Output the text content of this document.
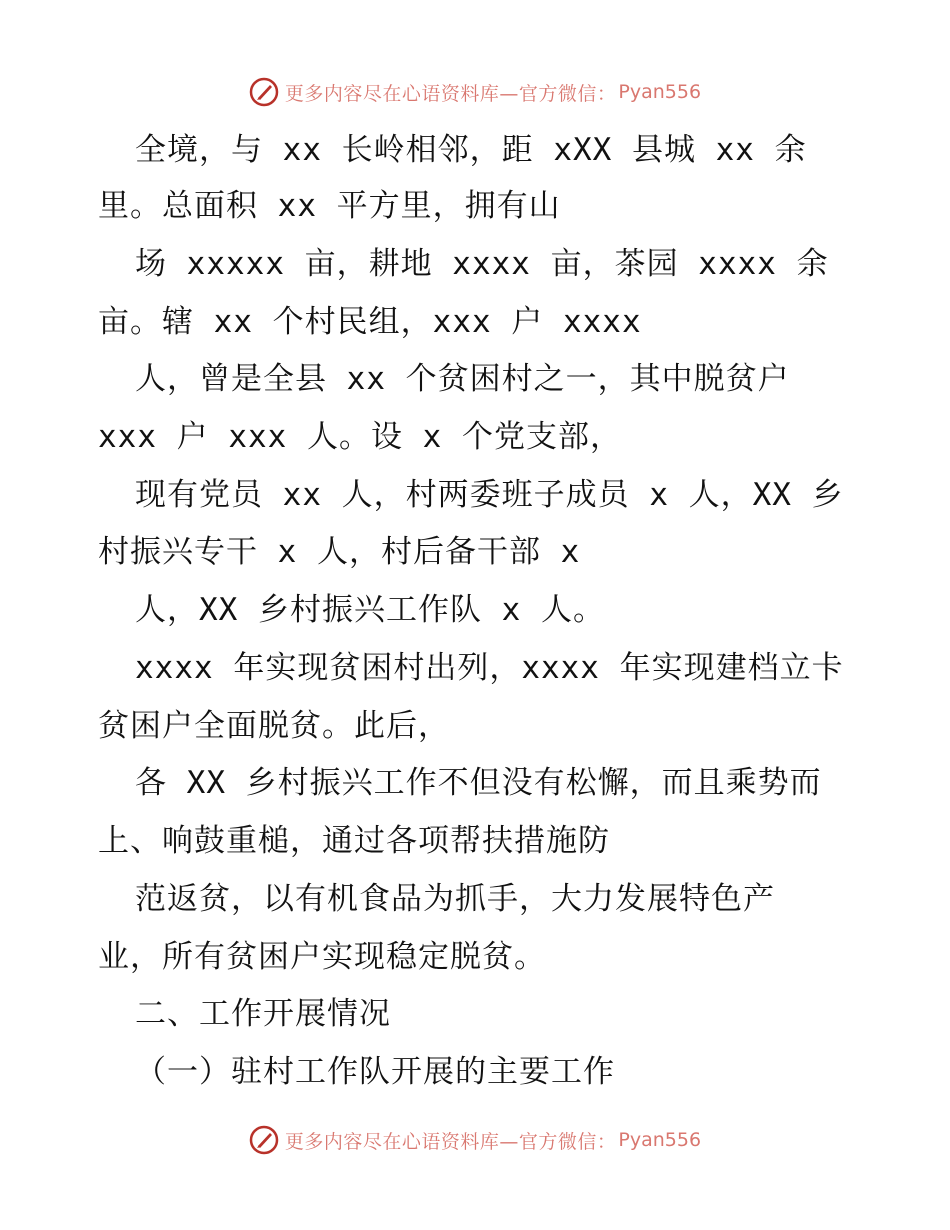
更多内容尽在心语资料库—官方微信： Pyan556
全境，与 xx 长岭相邻，距 xXX 县城 xx 余
里。总面积 xx 平方里，拥有山
场 xxxxx 亩，耕地 xxxx 亩，茶园 xxxx 余
亩。辖 xx 个村民组，xxx 户 xxxx
人，曾是全县 xx 个贫困村之一，其中脱贫户
xxx 户 xxx 人。设 x 个党支部，
现有党员 xx 人，村两委班子成员 x 人，XX 乡
村振兴专干 x 人，村后备干部 x
人，XX 乡村振兴工作队 x 人。
xxxx 年实现贫困村出列，xxxx 年实现建档立卡
贫困户全面脱贫。此后，
各 XX 乡村振兴工作不但没有松懈，而且乘势而
上、响鼓重槌，通过各项帮扶措施防
范返贫，以有机食品为抓手，大力发展特色产
业，所有贫困户实现稳定脱贫。
二、工作开展情况
（一）驻村工作队开展的主要工作
更多内容尽在心语资料库—官方微信： Pyan556
